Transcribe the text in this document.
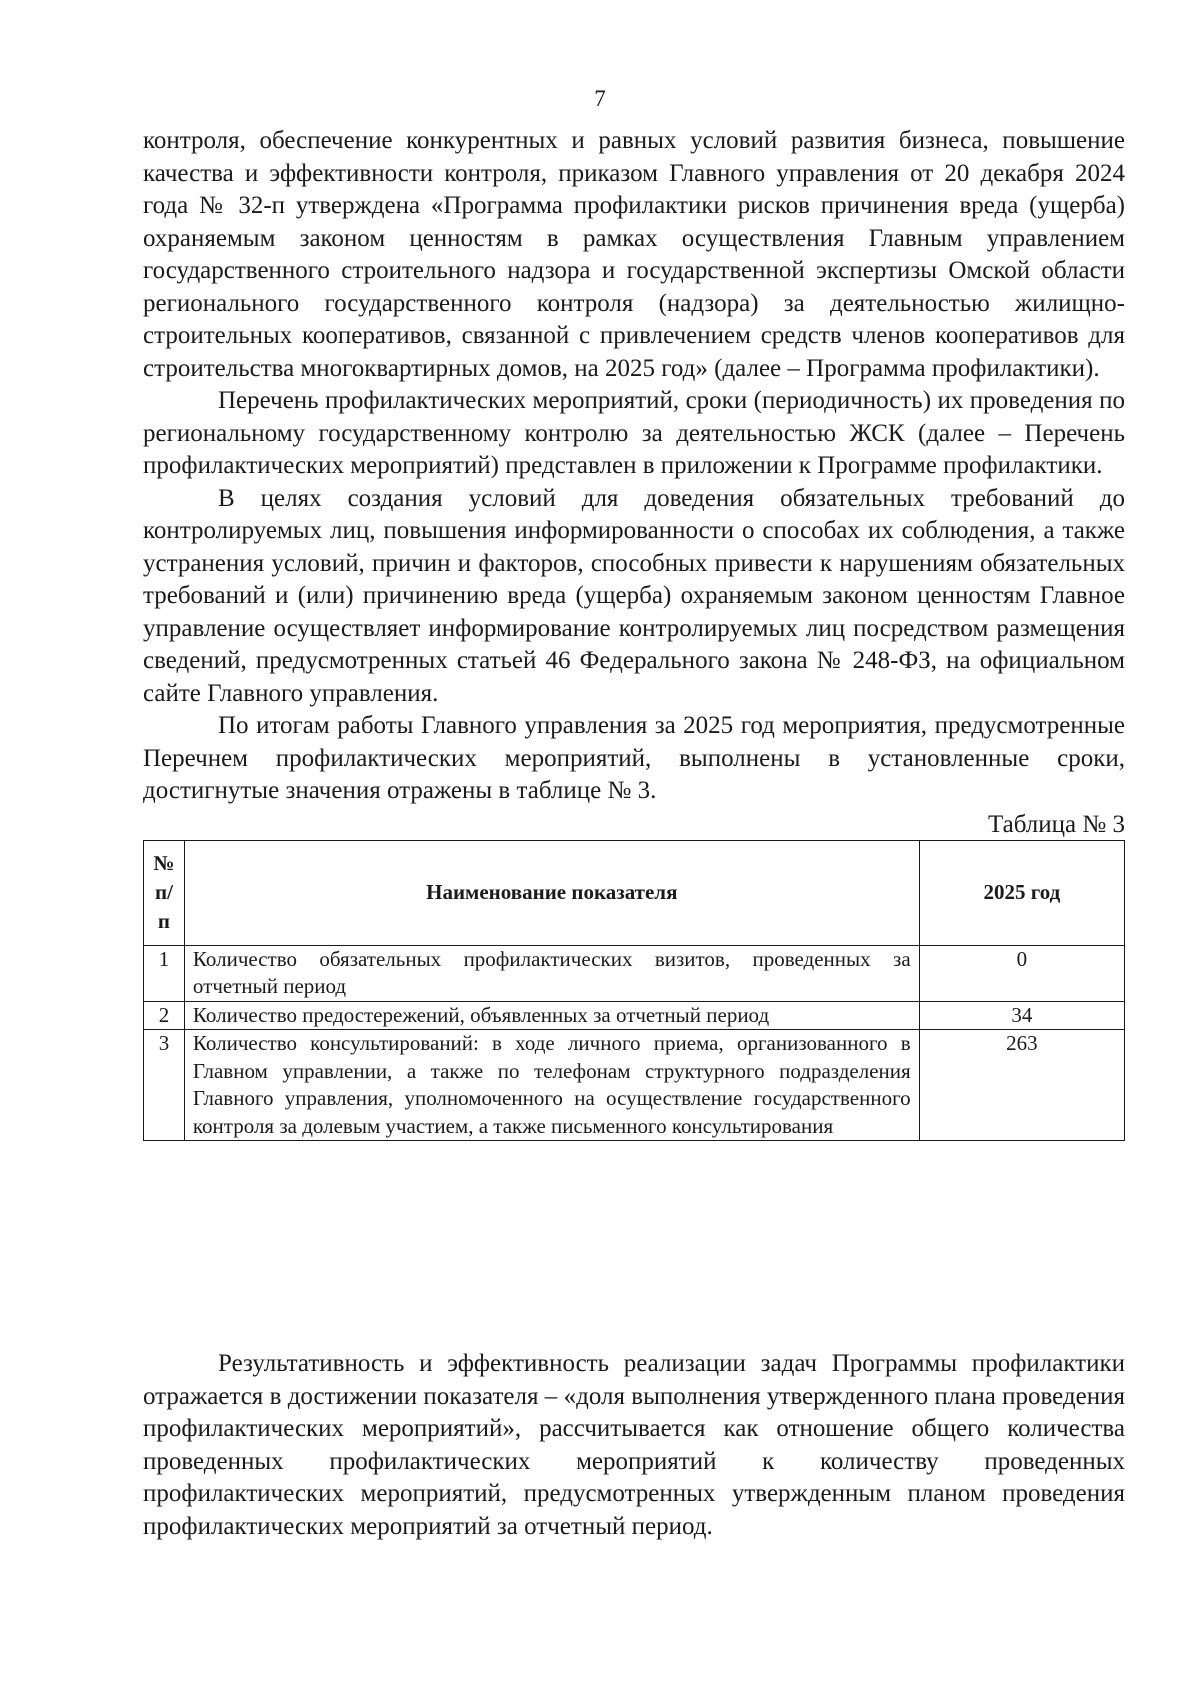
7

контроля, обеспечение конкурентных и равных условий развития бизнеса, повышение качества и эффективности контроля, приказом Главного управления от 20 декабря 2024 года № 32-п утверждена «Программа профилактики рисков причинения вреда (ущерба) охраняемым законом ценностям в рамках осуществления Главным управлением государственного строительного надзора и государственной экспертизы Омской области регионального государственного контроля (надзора) за деятельностью жилищно-строительных кооперативов, связанной с привлечением средств членов кооперативов для строительства многоквартирных домов, на 2025 год» (далее – Программа профилактики).

Перечень профилактических мероприятий, сроки (периодичность) их проведения по региональному государственному контролю за деятельностью ЖСК (далее – Перечень профилактических мероприятий) представлен в приложении к Программе профилактики.

В целях создания условий для доведения обязательных требований до контролируемых лиц, повышения информированности о способах их соблюдения, а также устранения условий, причин и факторов, способных привести к нарушениям обязательных требований и (или) причинению вреда (ущерба) охраняемым законом ценностям Главное управление осуществляет информирование контролируемых лиц посредством размещения сведений, предусмотренных статьей 46 Федерального закона № 248-ФЗ, на официальном сайте Главного управления.

По итогам работы Главного управления за 2025 год мероприятия, предусмотренные Перечнем профилактических мероприятий, выполнены в установленные сроки, достигнутые значения отражены в таблице № 3.

Таблица № 3
№ п/ п	Наименование показателя	2025 год
1	Количество обязательных профилактических визитов, проведенных за отчетный период	0
2	Количество предостережений, объявленных за отчетный период	34
3	Количество консультирований: в ходе личного приема, организованного в Главном управлении, а также по телефонам структурного подразделения Главного управления, уполномоченного на осуществление государственного контроля за долевым участием, а также письменного консультирования	263

Результативность и эффективность реализации задач Программы профилактики отражается в достижении показателя – «доля выполнения утвержденного плана проведения профилактических мероприятий», рассчитывается как отношение общего количества проведенных профилактических мероприятий к количеству проведенных профилактических мероприятий, предусмотренных утвержденным планом проведения профилактических мероприятий за отчетный период.
